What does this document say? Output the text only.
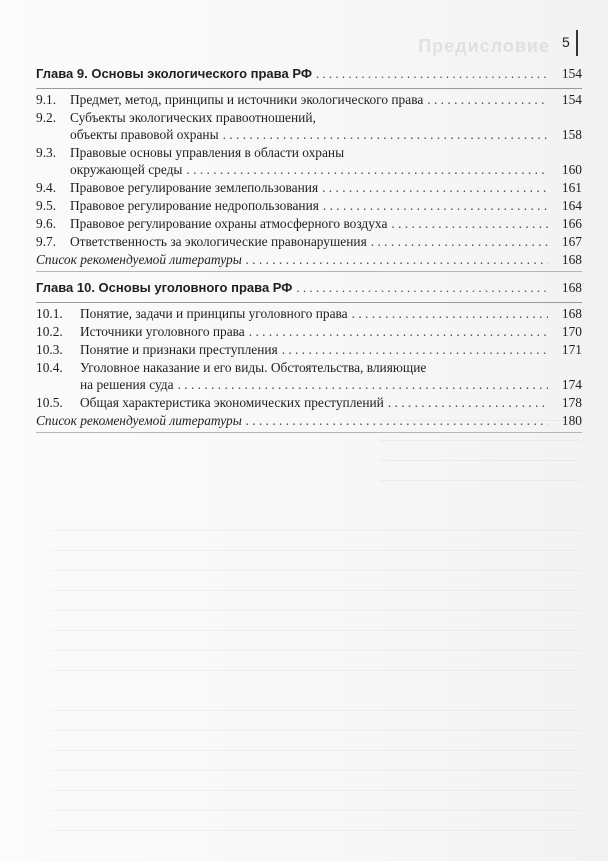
Предисловие 5
Глава 9. Основы экологического права РФ . . .	154
9.1.	Предмет, метод, принципы и источники экологического права . . .	154
9.2.	Субъекты экологических правоотношений,
объекты правовой охраны . . .	158
9.3.	Правовые основы управления в области охраны
окружающей среды . . .	160
9.4.	Правовое регулирование землепользования . . .	161
9.5.	Правовое регулирование недропользования . . .	164
9.6.	Правовое регулирование охраны атмосферного воздуха . . .	166
9.7.	Ответственность за экологические правонарушения . . .	167
Список рекомендуемой литературы . . .	168
Глава 10. Основы уголовного права РФ . . .	168
10.1.	Понятие, задачи и принципы уголовного права . . .	168
10.2.	Источники уголовного права . . .	170
10.3.	Понятие и признаки преступления . . .	171
10.4.	Уголовное наказание и его виды. Обстоятельства, влияющие
на решения суда . . .	174
10.5.	Общая характеристика экономических преступлений . . .	178
Список рекомендуемой литературы . . .	180
